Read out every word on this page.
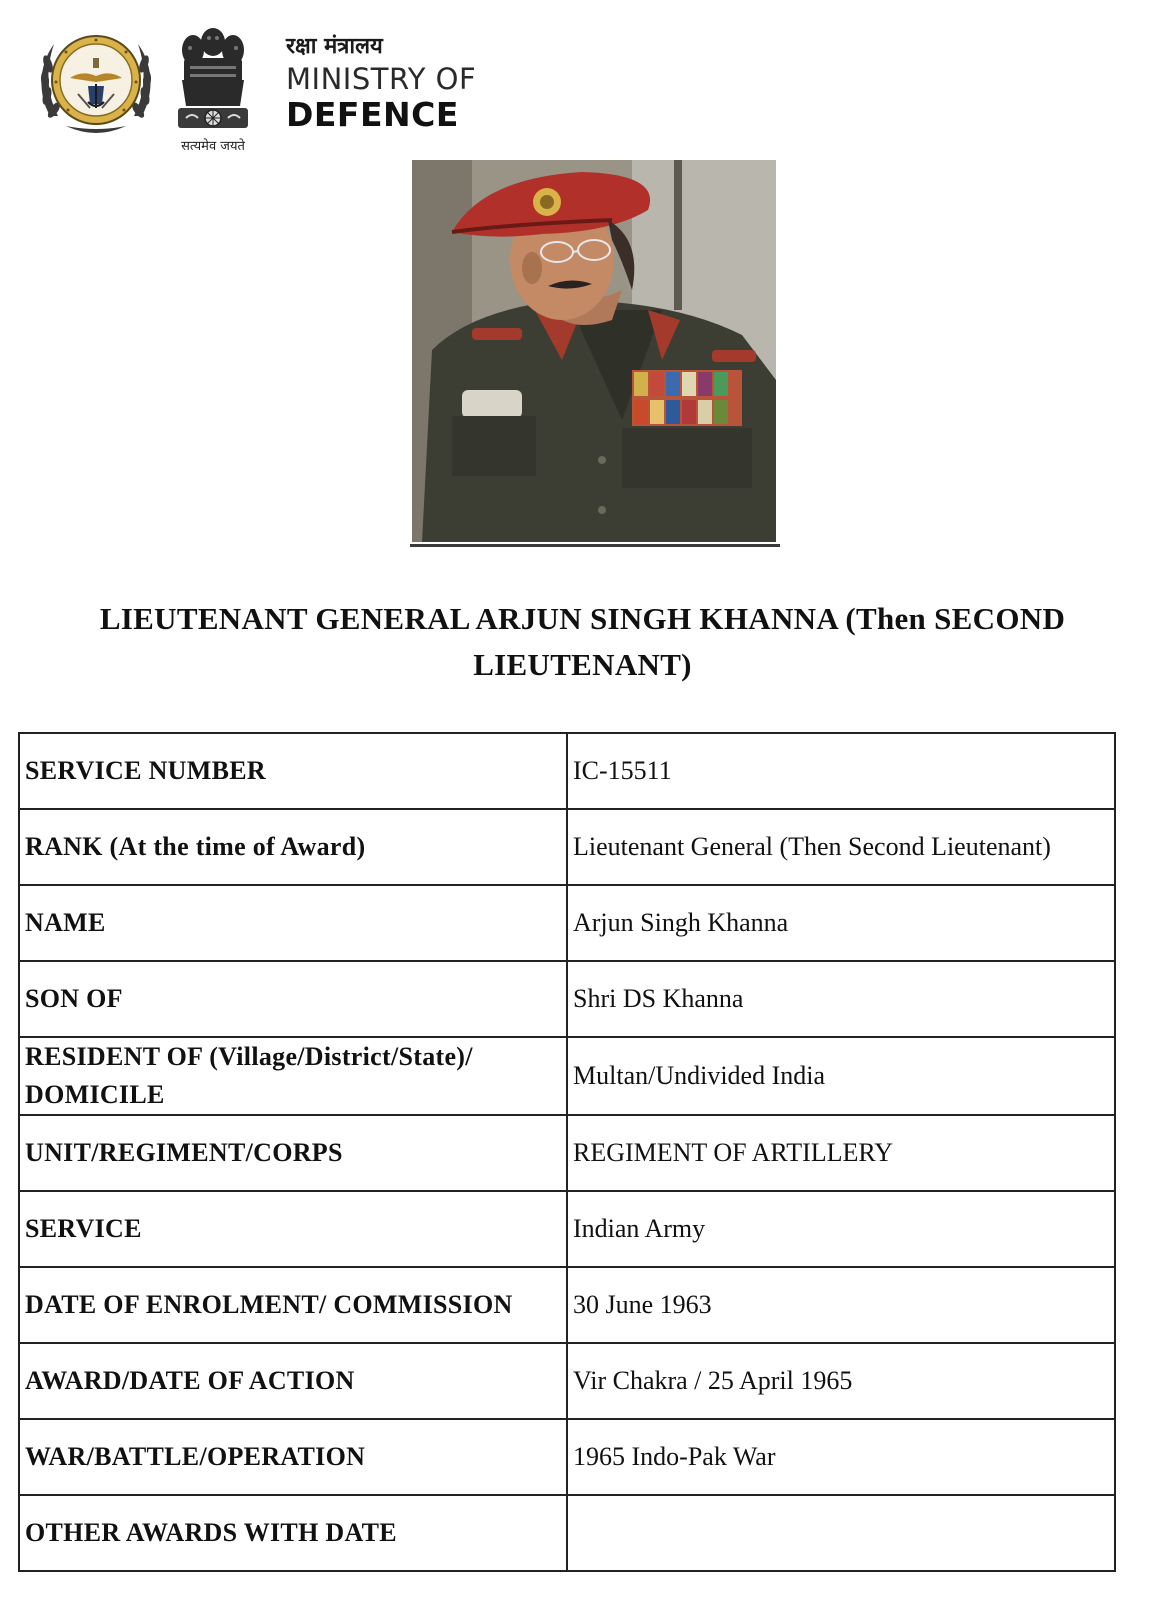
सत्यमेव जयते
रक्षा मंत्रालय
MINISTRY OF
DEFENCE
LIEUTENANT GENERAL ARJUN SINGH KHANNA (Then SECOND
LIEUTENANT)
SERVICE NUMBER	IC-15511
RANK (At the time of Award)	Lieutenant General (Then Second Lieutenant)
NAME	Arjun Singh Khanna
SON OF	Shri DS Khanna
RESIDENT OF (Village/District/State)/ DOMICILE	Multan/Undivided India
UNIT/REGIMENT/CORPS	REGIMENT OF ARTILLERY
SERVICE	Indian Army
DATE OF ENROLMENT/ COMMISSION	30 June 1963
AWARD/DATE OF ACTION	Vir Chakra / 25 April 1965
WAR/BATTLE/OPERATION	1965 Indo-Pak War
OTHER AWARDS WITH DATE	
